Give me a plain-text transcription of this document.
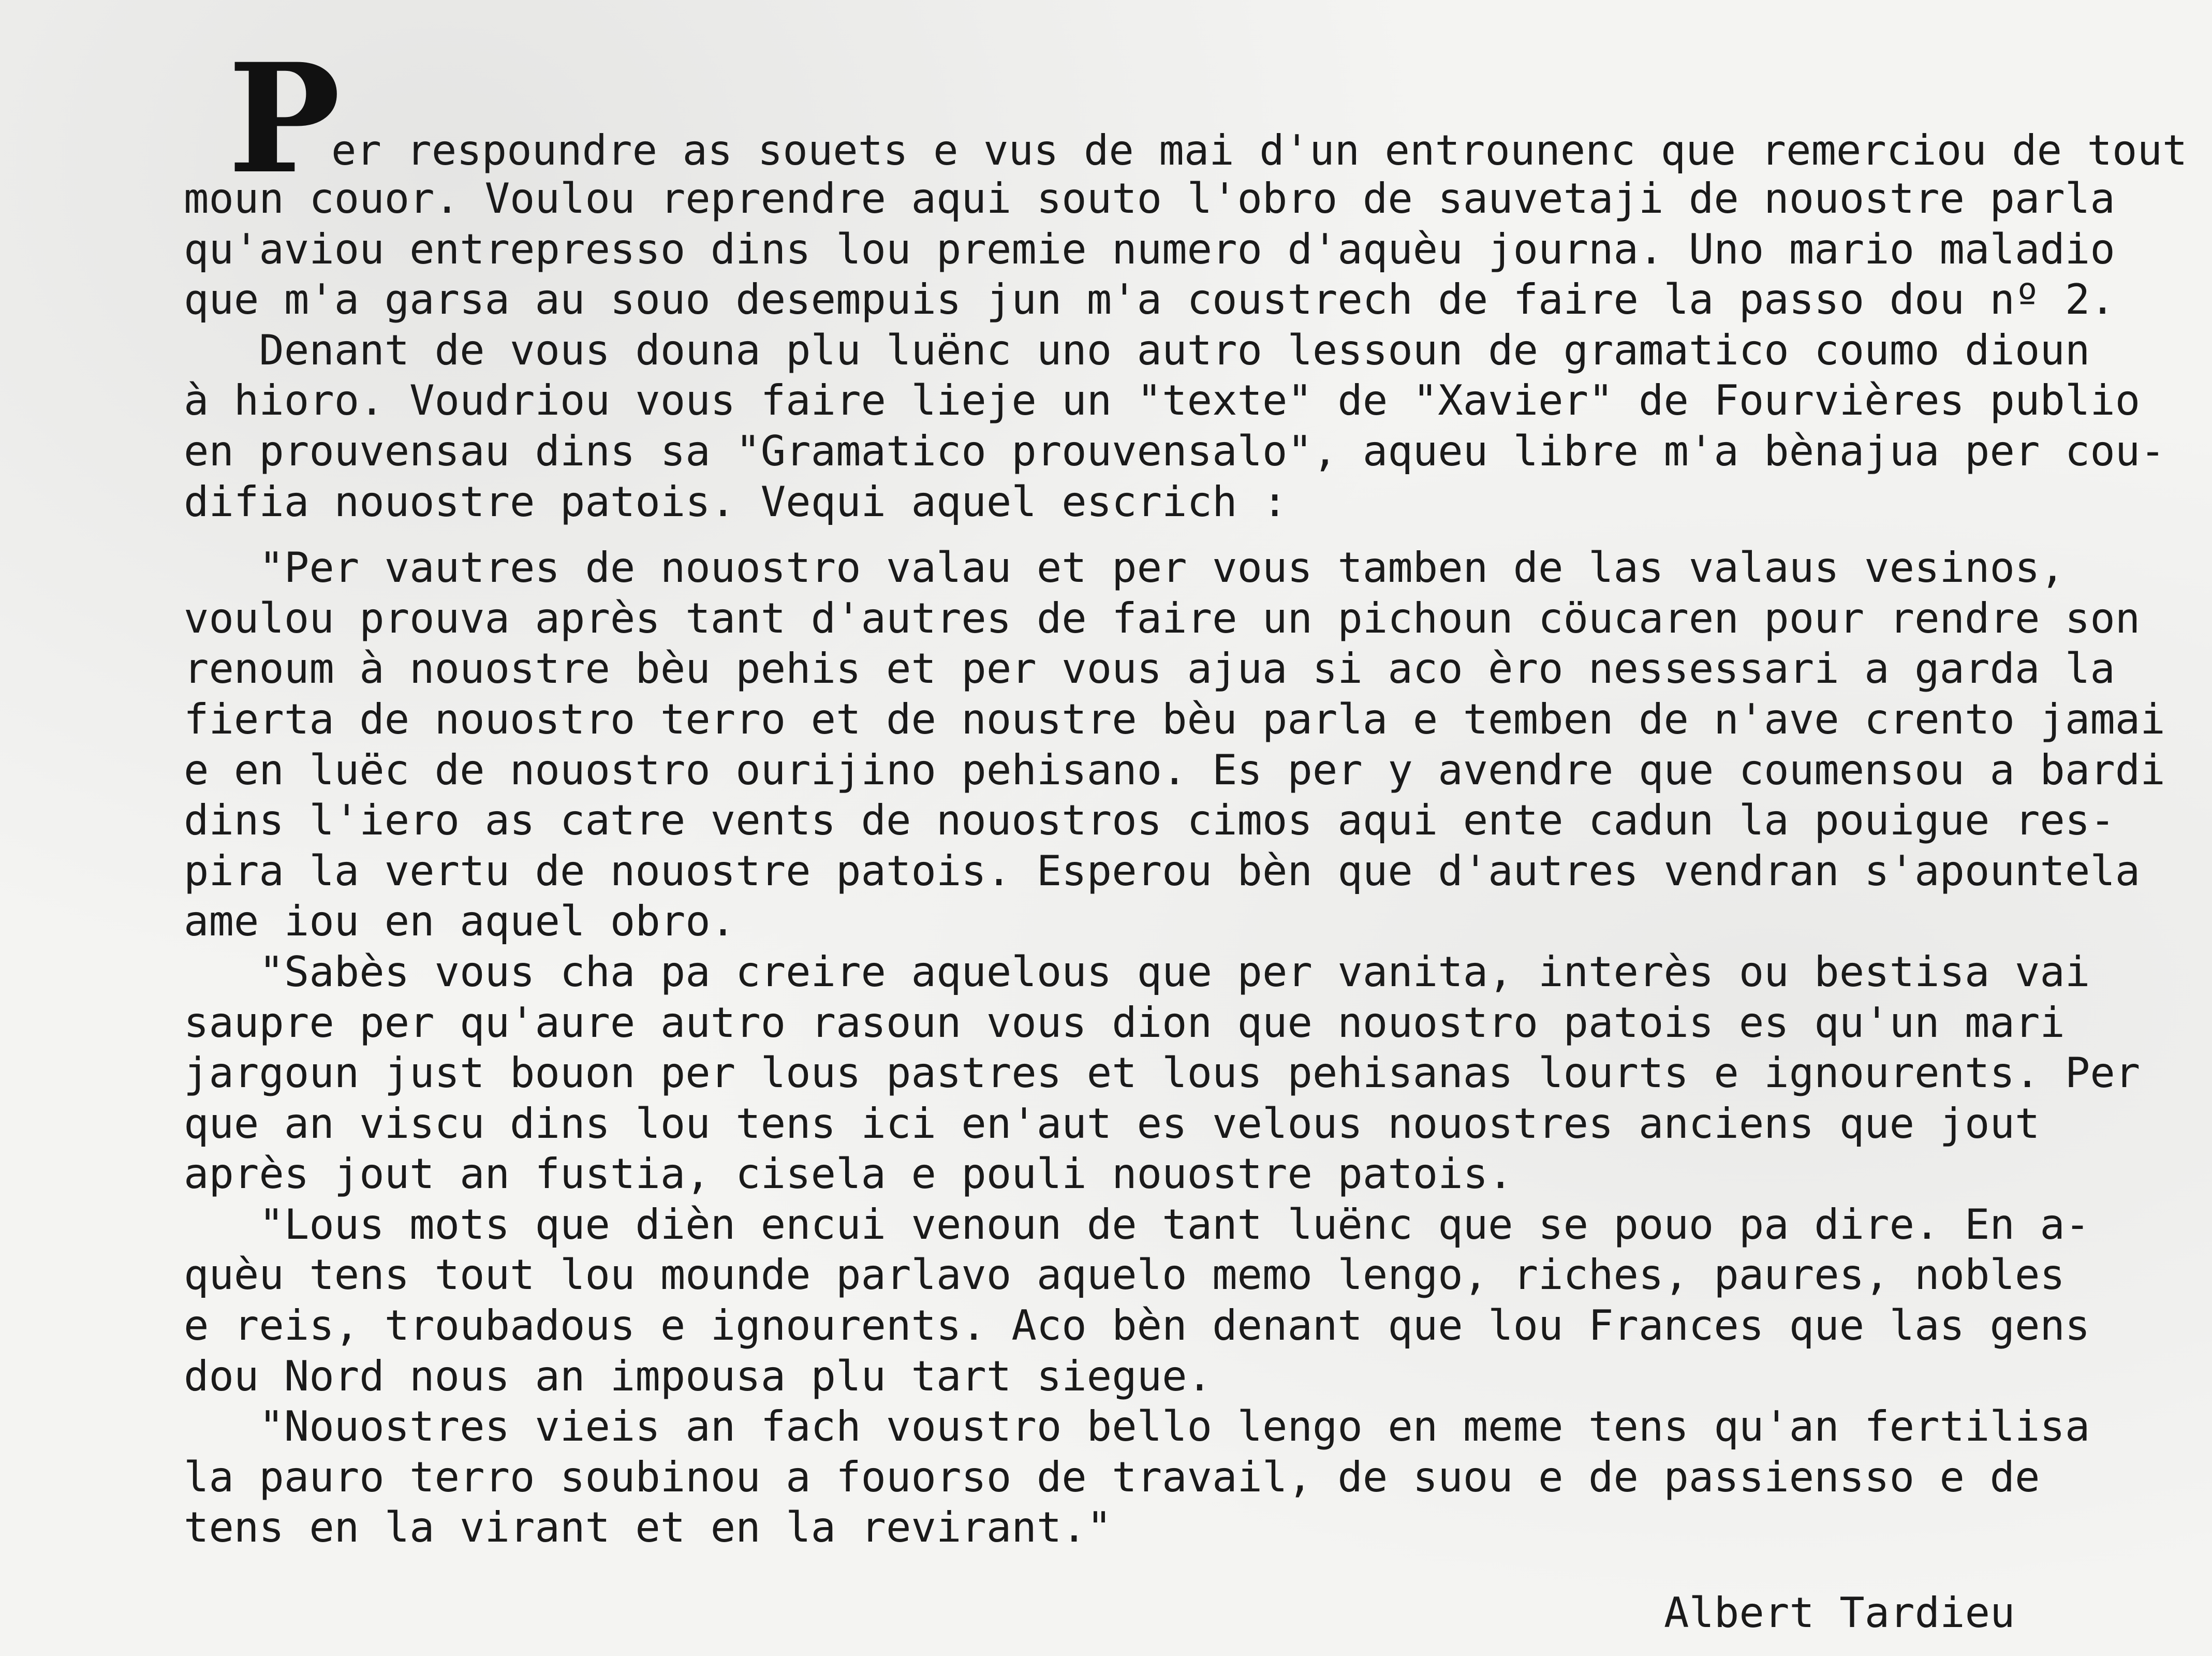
P
er respoundre as souets e vus de mai d'un entrounenc que remerciou de tout
moun couor. Voulou reprendre aqui souto l'obro de sauvetaji de nouostre parla
qu'aviou entrepresso dins lou premie numero d'aquèu journa. Uno mario maladio
que m'a garsa au souo desempuis jun m'a coustrech de faire la passo dou nº 2.
Denant de vous douna plu luënc uno autro lessoun de gramatico coumo dioun
à hioro. Voudriou vous faire lieje un "texte" de "Xavier" de Fourvières publio
en prouvensau dins sa "Gramatico prouvensalo", aqueu libre m'a bènajua per cou-
difia nouostre patois. Vequi aquel escrich :
"Per vautres de nouostro valau et per vous tamben de las valaus vesinos,
voulou prouva après tant d'autres de faire un pichoun cöucaren pour rendre son
renoum à nouostre bèu pehis et per vous ajua si aco èro nessessari a garda la
fierta de nouostro terro et de noustre bèu parla e temben de n'ave crento jamai
e en luëc de nouostro ourijino pehisano. Es per y avendre que coumensou a bardi
dins l'iero as catre vents de nouostros cimos aqui ente cadun la pouigue res-
pira la vertu de nouostre patois. Esperou bèn que d'autres vendran s'apountela
ame iou en aquel obro.
"Sabès vous cha pa creire aquelous que per vanita, interès ou bestisa vai
saupre per qu'aure autro rasoun vous dion que nouostro patois es qu'un mari
jargoun just bouon per lous pastres et lous pehisanas lourts e ignourents. Per
que an viscu dins lou tens ici en'aut es velous nouostres anciens que jout
après jout an fustia, cisela e pouli nouostre patois.
"Lous mots que dièn encui venoun de tant luënc que se pouo pa dire. En a-
quèu tens tout lou mounde parlavo aquelo memo lengo, riches, paures, nobles
e reis, troubadous e ignourents. Aco bèn denant que lou Frances que las gens
dou Nord nous an impousa plu tart siegue.
"Nouostres vieis an fach voustro bello lengo en meme tens qu'an fertilisa
la pauro terro soubinou a fouorso de travail, de suou e de passiensso e de
tens en la virant et en la revirant."
Albert Tardieu
